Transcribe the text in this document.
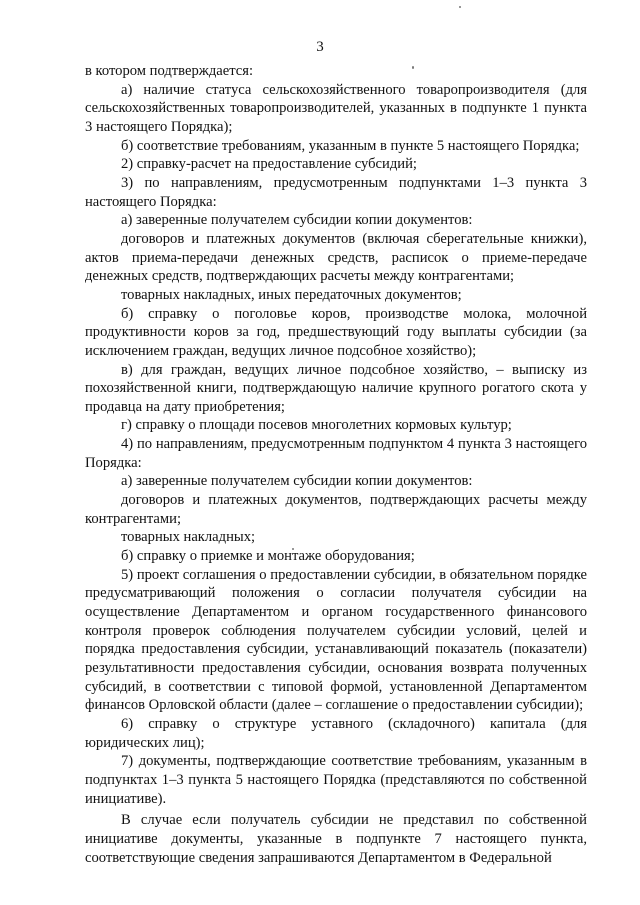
3

в котором подтверждается:

а) наличие статуса сельскохозяйственного товаропроизводителя (для сельскохозяйственных товаропроизводителей, указанных в подпункте 1 пункта 3 настоящего Порядка);

б) соответствие требованиям, указанным в пункте 5 настоящего Порядка;

2) справку-расчет на предоставление субсидий;

3) по направлениям, предусмотренным подпунктами 1–3 пункта 3 настоящего Порядка:

а) заверенные получателем субсидии копии документов:

договоров и платежных документов (включая сберегательные книжки), актов приема-передачи денежных средств, расписок о приеме-передаче денежных средств, подтверждающих расчеты между контрагентами;

товарных накладных, иных передаточных документов;

б) справку о поголовье коров, производстве молока, молочной продуктивности коров за год, предшествующий году выплаты субсидии (за исключением граждан, ведущих личное подсобное хозяйство);

в) для граждан, ведущих личное подсобное хозяйство, – выписку из похозяйственной книги, подтверждающую наличие крупного рогатого скота у продавца на дату приобретения;

г) справку о площади посевов многолетних кормовых культур;

4) по направлениям, предусмотренным подпунктом 4 пункта 3 настоящего Порядка:

а) заверенные получателем субсидии копии документов:

договоров и платежных документов, подтверждающих расчеты между контрагентами;

товарных накладных;

б) справку о приемке и монтаже оборудования;

5) проект соглашения о предоставлении субсидии, в обязательном порядке предусматривающий положения о согласии получателя субсидии на осуществление Департаментом и органом государственного финансового контроля проверок соблюдения получателем субсидии условий, целей и порядка предоставления субсидии, устанавливающий показатель (показатели) результативности предоставления субсидии, основания возврата полученных субсидий, в соответствии с типовой формой, установленной Департаментом финансов Орловской области (далее – соглашение о предоставлении субсидии);

6) справку о структуре уставного (складочного) капитала (для юридических лиц);

7) документы, подтверждающие соответствие требованиям, указанным в подпунктах 1–3 пункта 5 настоящего Порядка (представляются по собственной инициативе).

В случае если получатель субсидии не представил по собственной инициативе документы, указанные в подпункте 7 настоящего пункта, соответствующие сведения запрашиваются Департаментом в Федеральной
